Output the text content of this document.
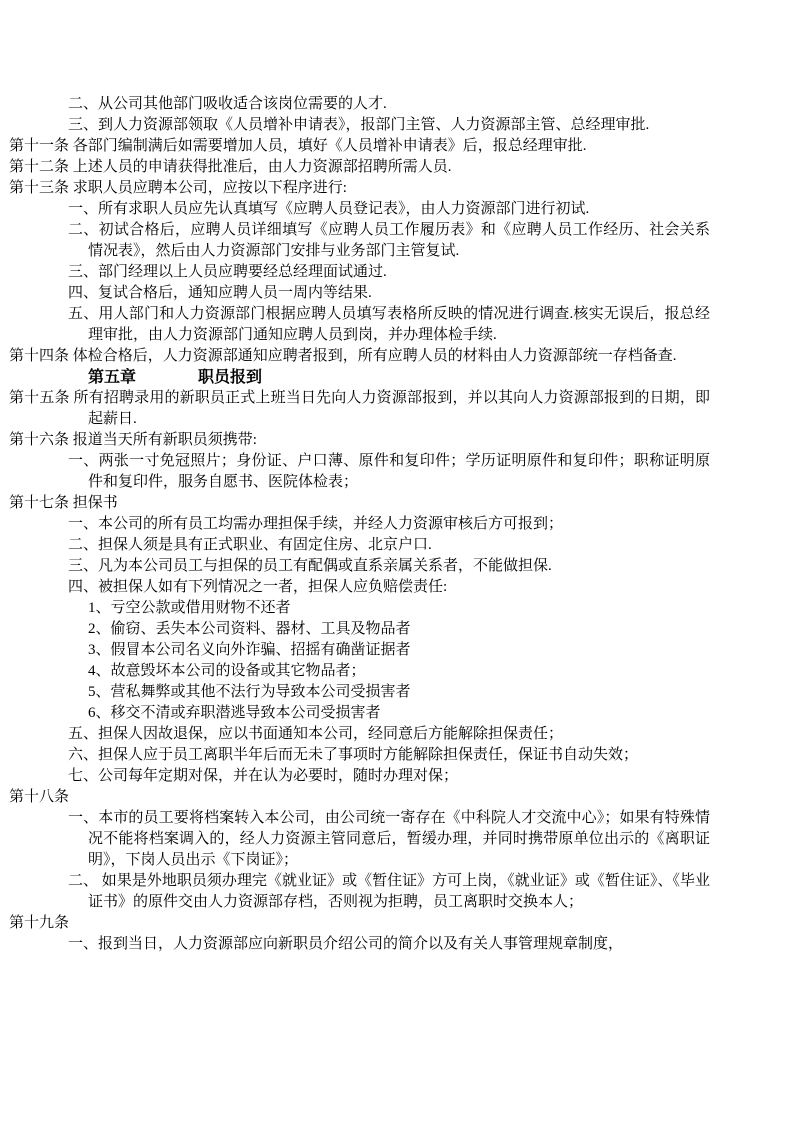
二、从公司其他部门吸收适合该岗位需要的人才.

三、到人力资源部领取《人员增补申请表》，报部门主管、人力资源部主管、总经理审批.

第十一条 各部门编制满后如需要增加人员，填好《人员增补申请表》后，报总经理审批.

第十二条 上述人员的申请获得批准后，由人力资源部招聘所需人员.

第十三条 求职人员应聘本公司，应按以下程序进行:

一、所有求职人员应先认真填写《应聘人员登记表》，由人力资源部门进行初试.

二、初试合格后，应聘人员详细填写《应聘人员工作履历表》和《应聘人员工作经历、社会关系情况表》，然后由人力资源部门安排与业务部门主管复试.

三、部门经理以上人员应聘要经总经理面试通过.

四、复试合格后，通知应聘人员一周内等结果.

五、用人部门和人力资源部门根据应聘人员填写表格所反映的情况进行调查.核实无误后，报总经理审批，由人力资源部门通知应聘人员到岗，并办理体检手续.

第十四条 体检合格后，人力资源部通知应聘者报到，所有应聘人员的材料由人力资源部统一存档备查.

第五章	职员报到

第十五条 所有招聘录用的新职员正式上班当日先向人力资源部报到，并以其向人力资源部报到的日期，即起薪日.

第十六条 报道当天所有新职员须携带:

一、两张一寸免冠照片；身份证、户口薄、原件和复印件；学历证明原件和复印件；职称证明原件和复印件，服务自愿书、医院体检表；

第十七条 担保书

一、本公司的所有员工均需办理担保手续，并经人力资源审核后方可报到；

二、担保人须是具有正式职业、有固定住房、北京户口.

三、凡为本公司员工与担保的员工有配偶或直系亲属关系者，不能做担保.

四、被担保人如有下列情况之一者，担保人应负赔偿责任:

1、亏空公款或借用财物不还者

2、偷窃、丢失本公司资料、器材、工具及物品者

3、假冒本公司名义向外诈骗、招摇有确凿证据者

4、故意毁坏本公司的设备或其它物品者；

5、营私舞弊或其他不法行为导致本公司受损害者

6、移交不清或弃职潜逃导致本公司受损害者

五、担保人因故退保，应以书面通知本公司，经同意后方能解除担保责任；

六、担保人应于员工离职半年后而无未了事项时方能解除担保责任，保证书自动失效；

七、公司每年定期对保，并在认为必要时，随时办理对保；

第十八条

一、本市的员工要将档案转入本公司，由公司统一寄存在《中科院人才交流中心》；如果有特殊情况不能将档案调入的，经人力资源主管同意后，暂缓办理，并同时携带原单位出示的《离职证明》，下岗人员出示《下岗证》；

二、 如果是外地职员须办理完《就业证》或《暂住证》方可上岗，《就业证》或《暂住证》、《毕业证书》的原件交由人力资源部存档，否则视为拒聘，员工离职时交换本人；

第十九条

一、报到当日，人力资源部应向新职员介绍公司的简介以及有关人事管理规章制度，
